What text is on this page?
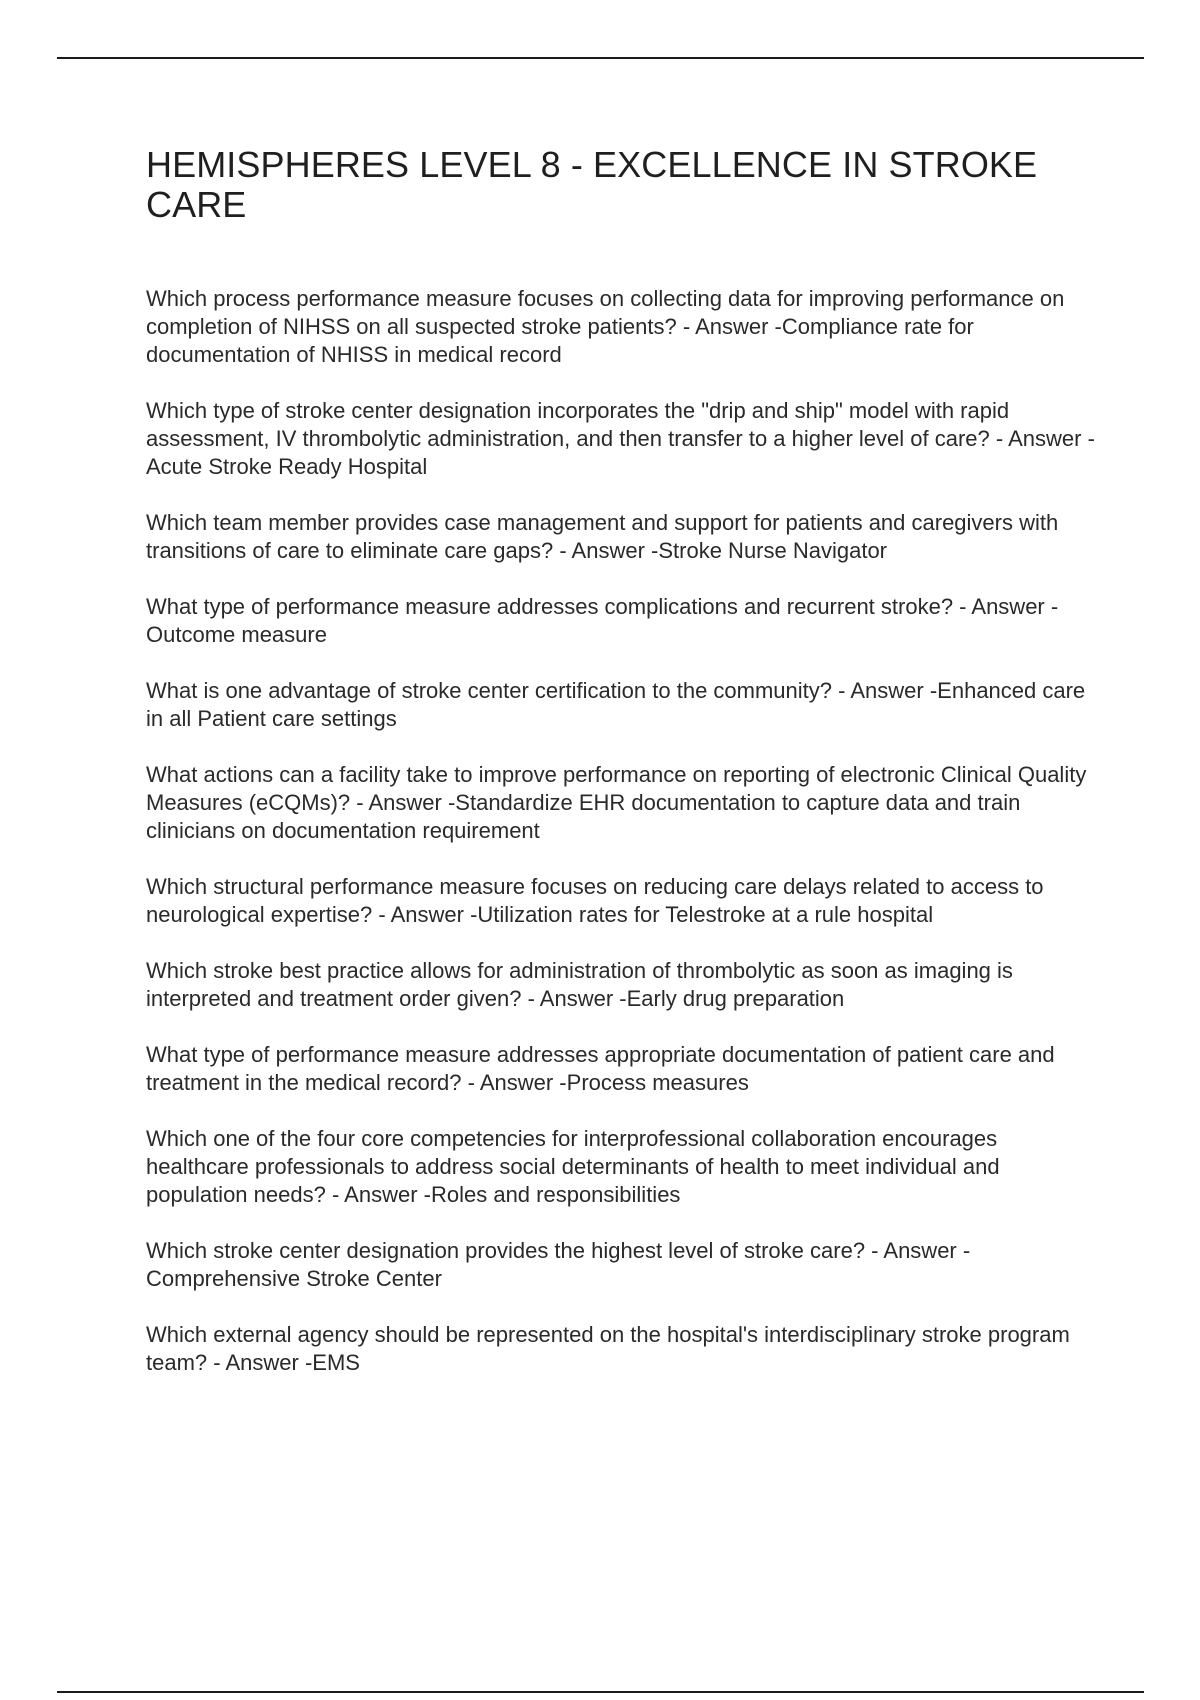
HEMISPHERES LEVEL 8 - EXCELLENCE IN STROKE CARE
Which process performance measure focuses on collecting data for improving performance on completion of NIHSS on all suspected stroke patients? - Answer -Compliance rate for documentation of NHISS in medical record
Which type of stroke center designation incorporates the "drip and ship" model with rapid assessment, IV thrombolytic administration, and then transfer to a higher level of care? - Answer -Acute Stroke Ready Hospital
Which team member provides case management and support for patients and caregivers with transitions of care to eliminate care gaps? - Answer -Stroke Nurse Navigator
What type of performance measure addresses complications and recurrent stroke? - Answer -Outcome measure
What is one advantage of stroke center certification to the community? - Answer -Enhanced care in all Patient care settings
What actions can a facility take to improve performance on reporting of electronic Clinical Quality Measures (eCQMs)? - Answer -Standardize EHR documentation to capture data and train clinicians on documentation requirement
Which structural performance measure focuses on reducing care delays related to access to neurological expertise? - Answer -Utilization rates for Telestroke at a rule hospital
Which stroke best practice allows for administration of thrombolytic as soon as imaging is interpreted and treatment order given? - Answer -Early drug preparation
What type of performance measure addresses appropriate documentation of patient care and treatment in the medical record? - Answer -Process measures
Which one of the four core competencies for interprofessional collaboration encourages healthcare professionals to address social determinants of health to meet individual and population needs? - Answer -Roles and responsibilities
Which stroke center designation provides the highest level of stroke care? - Answer -Comprehensive Stroke Center
Which external agency should be represented on the hospital's interdisciplinary stroke program team? - Answer -EMS
